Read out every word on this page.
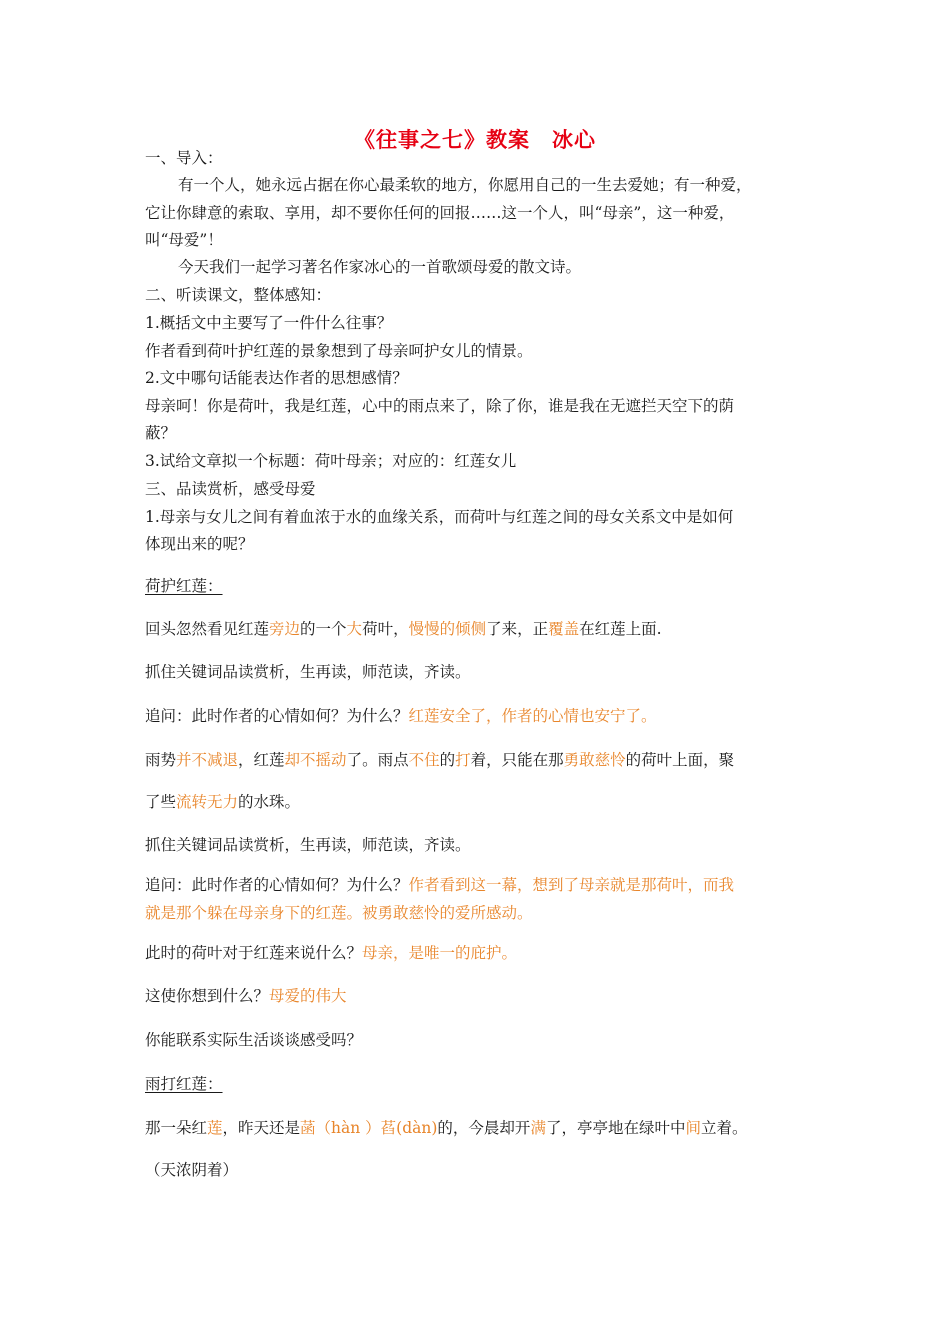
《往事之七》教案　冰心
一、导入：
有一个人，她永远占据在你心最柔软的地方，你愿用自己的一生去爱她；有一种爱，
它让你肆意的索取、享用，却不要你任何的回报……这一个人，叫“母亲”，这一种爱，
叫“母爱”！
今天我们一起学习著名作家冰心的一首歌颂母爱的散文诗。
二、听读课文，整体感知：
1.概括文中主要写了一件什么往事？
作者看到荷叶护红莲的景象想到了母亲呵护女儿的情景。
2.文中哪句话能表达作者的思想感情？
母亲呵！你是荷叶，我是红莲，心中的雨点来了，除了你，谁是我在无遮拦天空下的荫
蔽？
3.试给文章拟一个标题：荷叶母亲；对应的：红莲女儿
三、品读赏析，感受母爱
1.母亲与女儿之间有着血浓于水的血缘关系，而荷叶与红莲之间的母女关系文中是如何
体现出来的呢？
荷护红莲：
回头忽然看见红莲旁边的一个大荷叶，慢慢的倾侧了来，正覆盖在红莲上面.
抓住关键词品读赏析，生再读，师范读，齐读。
追问：此时作者的心情如何？为什么？红莲安全了，作者的心情也安宁了。
雨势并不减退，红莲却不摇动了。雨点不住的打着，只能在那勇敢慈怜的荷叶上面，聚
了些流转无力的水珠。
抓住关键词品读赏析，生再读，师范读，齐读。
追问：此时作者的心情如何？为什么？作者看到这一幕，想到了母亲就是那荷叶，而我
就是那个躲在母亲身下的红莲。被勇敢慈怜的爱所感动。
此时的荷叶对于红莲来说什么？母亲，是唯一的庇护。
这使你想到什么？母爱的伟大
你能联系实际生活谈谈感受吗？
雨打红莲：
那一朵红莲，昨天还是菡（hàn ）萏(dàn)的，今晨却开满了，亭亭地在绿叶中间立着。
（天浓阴着）
